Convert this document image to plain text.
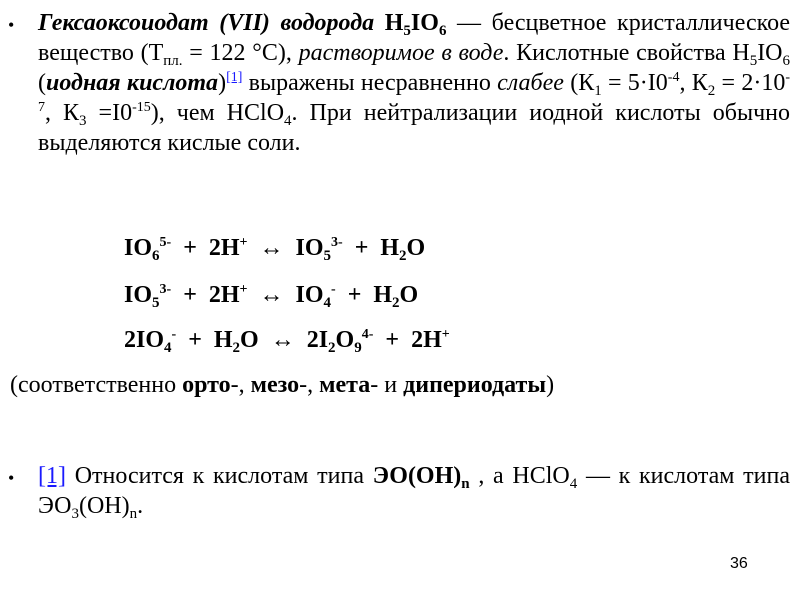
• Гексаоксоиодат (VII) водорода $H_5IO_6$ — бесцветное кристаллическое вещество ($T_{пл.} = 122$ °С), растворимое в воде. Кислотные свойства $H_5IO_6$ (иодная кислота)[1] выражены несравненно слабее ($К_1 = 5\cdot I0^{-4}$, $К_2 = 2\cdot 10^{-7}$, $К_3 =I0^{-15}$), чем HClO$_4$. При нейтрализации иодной кислоты обычно выделяются кислые соли.
$IO_6^{5-} + 2H^+$  ↔  $IO_5^{3-} + H_2O$
$IO_5^{3-} + 2H^+$  ↔  $IO_4^- + H_2O$
$2IO_4^- + H_2O$  ↔  $2I_2O_9^{4-} + 2H^+$
(соответственно орто-, мезо-, мета- и дипериодаты)
• [1] Относится к кислотам типа $ЭО(ОН)_n$ , а HClO$_4$ — к кислотам типа $ЭО_3(ОН)_n$.
36
